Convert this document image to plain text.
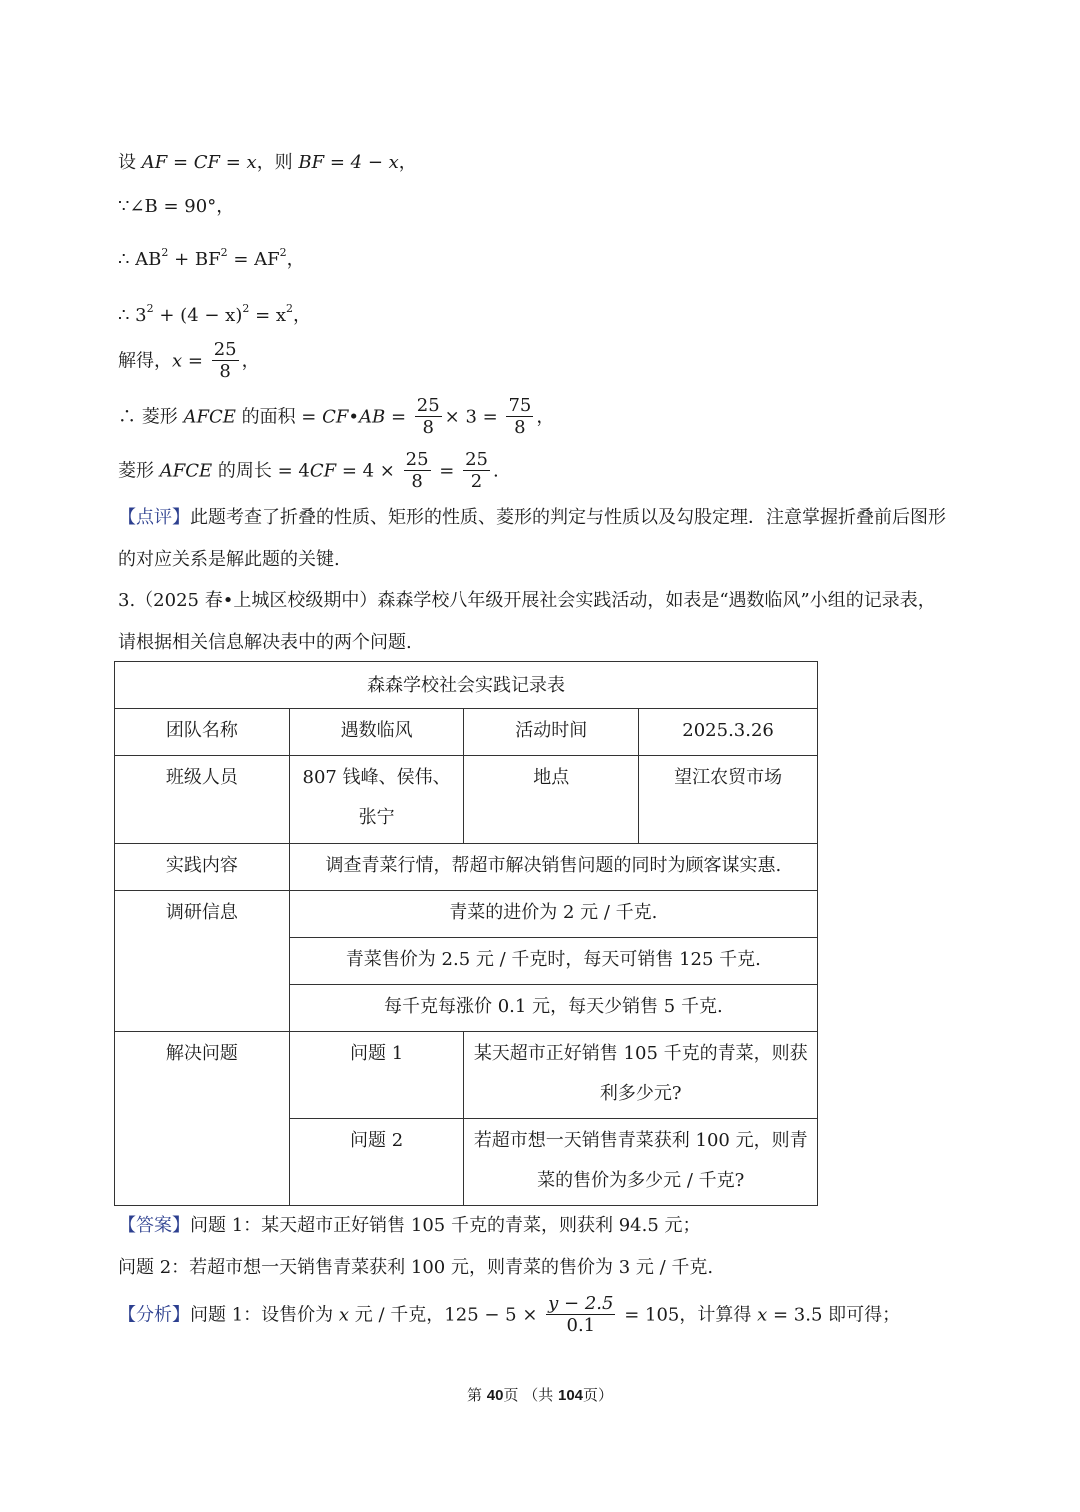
设 AF = CF = x，则 BF = 4 − x，
∵∠B = 90°，
∴ $AB^2 + BF^2 = AF^2$，
∴ $3^2 + (4 - x)^2 = x^2$，
解得，$x = \frac{25}{8}$ ，
∴ 菱形 AFCE 的面积 = CF•AB = $\frac{25}{8} \times 3 = \frac{75}{8}$ ，
菱形 AFCE 的周长 = $4CF = 4 \times \frac{25}{8} = \frac{25}{2}$ .
【点评】此题考查了折叠的性质、矩形的性质、菱形的判定与性质以及勾股定理．注意掌握折叠前后图形
的对应关系是解此题的关键.
3.（2025 春•上城区校级期中）森森学校八年级开展社会实践活动，如表是“遇数临风”小组的记录表，
请根据相关信息解决表中的两个问题.
森森学校社会实践记录表			
团队名称	遇数临风	活动时间	2025.3.26
班级人员	807 钱峰、侯伟、张宁	地点	望江农贸市场
实践内容	调查青菜行情，帮超市解决销售问题的同时为顾客谋实惠.		
调研信息	青菜的进价为 2 元 / 千克.		
	青菜售价为 2.5 元 / 千克时，每天可销售 125 千克.		
	每千克每涨价 0.1 元，每天少销售 5 千克.		
解决问题	问题 1	某天超市正好销售 105 千克的青菜，则获利多少元?	
	问题 2	若超市想一天销售青菜获利 100 元，则青菜的售价为多少元 / 千克?	
【答案】问题 1：某天超市正好销售 105 千克的青菜，则获利 94.5 元；
问题 2：若超市想一天销售青菜获利 100 元，则青菜的售价为 3 元 / 千克.
【分析】问题 1：设售价为 x 元 / 千克，$125 - 5 \times \frac{y - 2.5}{0.1} = 105$，计算得 x = 3.5 即可得；
第 40页 （共 104页）
